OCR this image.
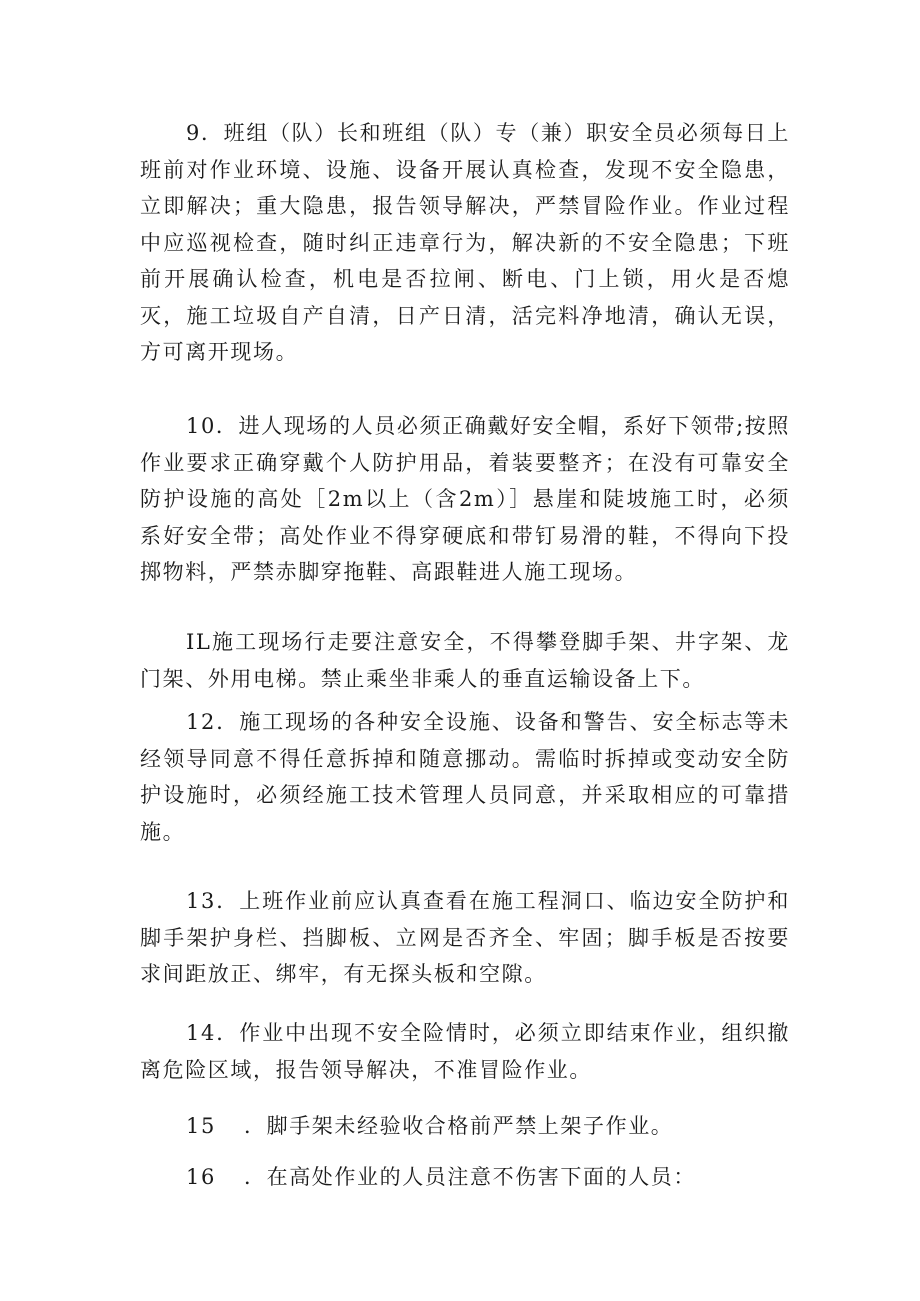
9．班组（队）长和班组（队）专（兼）职安全员必须每日上班前对作业环境、设施、设备开展认真检查，发现不安全隐患，立即解决；重大隐患，报告领导解决，严禁冒险作业。作业过程中应巡视检查，随时纠正违章行为，解决新的不安全隐患；下班前开展确认检查，机电是否拉闸、断电、门上锁，用火是否熄灭，施工垃圾自产自清，日产日清，活完料净地清，确认无误，方可离开现场。

10．进人现场的人员必须正确戴好安全帽，系好下领带;按照作业要求正确穿戴个人防护用品，着装要整齐；在没有可靠安全防护设施的高处［2m以上（含2m）］悬崖和陡坡施工时，必须系好安全带；高处作业不得穿硬底和带钉易滑的鞋，不得向下投掷物料，严禁赤脚穿拖鞋、高跟鞋进人施工现场。

IL施工现场行走要注意安全，不得攀登脚手架、井字架、龙门架、外用电梯。禁止乘坐非乘人的垂直运输设备上下。

12．施工现场的各种安全设施、设备和警告、安全标志等未经领导同意不得任意拆掉和随意挪动。需临时拆掉或变动安全防护设施时，必须经施工技术管理人员同意，并采取相应的可靠措施。

13．上班作业前应认真查看在施工程洞口、临边安全防护和脚手架护身栏、挡脚板、立网是否齐全、牢固；脚手板是否按要求间距放正、绑牢，有无探头板和空隙。

14．作业中出现不安全险情时，必须立即结束作业，组织撤离危险区域，报告领导解决，不准冒险作业。

15 ．脚手架未经验收合格前严禁上架子作业。
16 ．在高处作业的人员注意不伤害下面的人员：
